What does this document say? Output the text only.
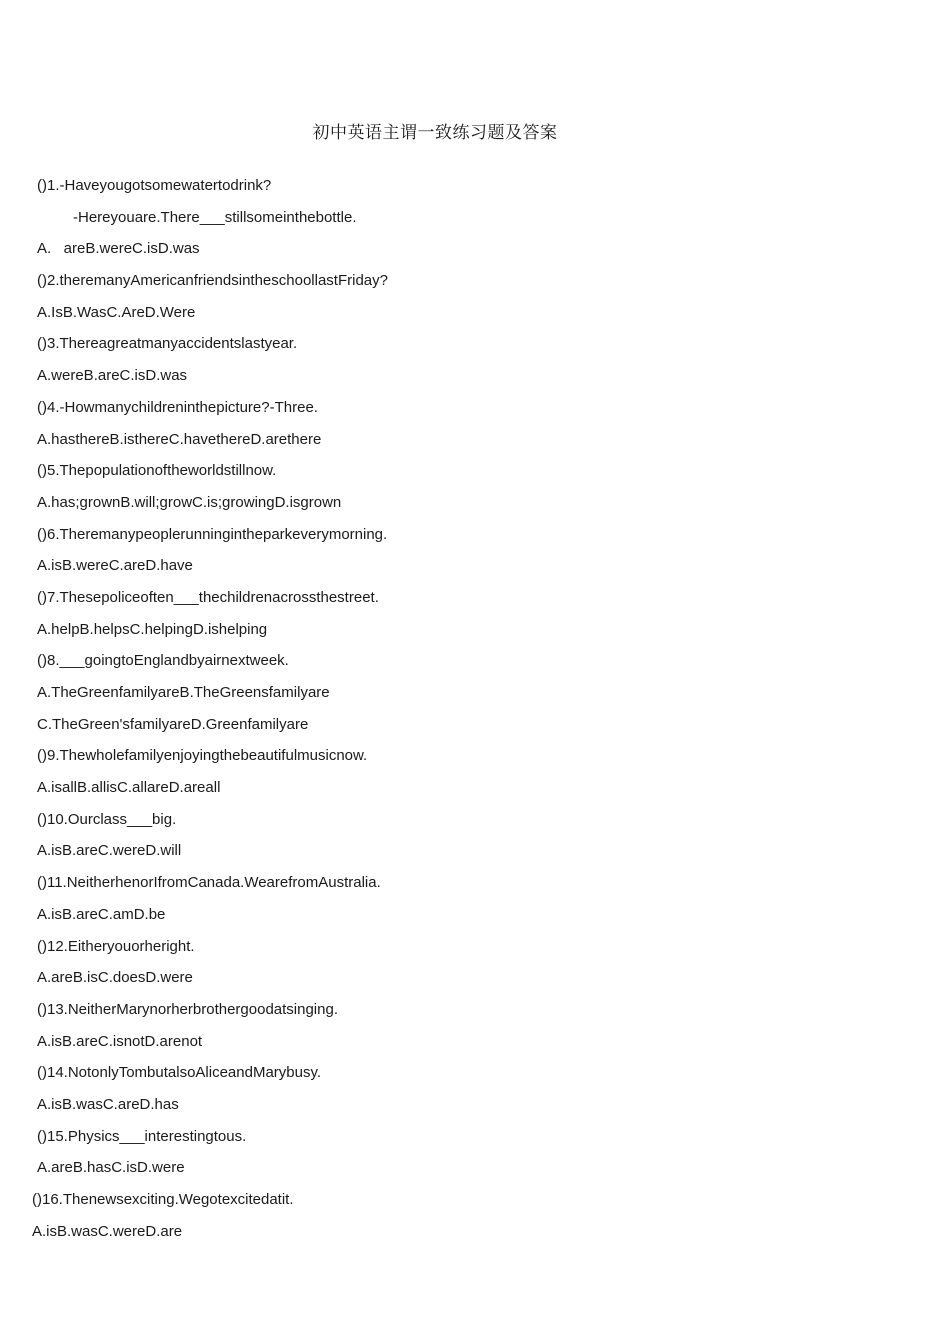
初中英语主谓一致练习题及答案
()1.-Haveyougotsomewatertodrink?
-Hereyouare.There___stillsomeinthebottle.
A.   areB.wereC.isD.was
()2.theremanyAmericanfriendsintheschoollastFriday?
A.IsB.WasC.AreD.Were
()3.Thereagreatmanyaccidentslastyear.
A.wereB.areC.isD.was
()4.-Howmanychildreninthepicture?-Three.
A.hasthereB.isthereC.havethereD.arethere
()5.Thepopulationoftheworldstillnow.
A.has;grownB.will;growC.is;growingD.isgrown
()6.Theremanypeoplerunningintheparkeverymorning.
A.isB.wereC.areD.have
()7.Thesepoliceoften___thechildrenacrossthestreet.
A.helpB.helpsC.helpingD.ishelping
()8.___goingtoEnglandbyairnextweek.
A.TheGreenfamilyareB.TheGreensfamilyare
C.TheGreen'sfamilyareD.Greenfamilyare
()9.Thewholefamilyenjoyingthebeautifulmusicnow.
A.isallB.allisC.allareD.areall
()10.Ourclass___big.
A.isB.areC.wereD.will
()11.NeitherhenorIfromCanada.WearefromAustralia.
A.isB.areC.amD.be
()12.Eitheryouorheright.
A.areB.isC.doesD.were
()13.NeitherMarynorherbrothergoodatsinging.
A.isB.areC.isnotD.arenot
()14.NotonlyTombutalsoAliceandMarybusy.
A.isB.wasC.areD.has
()15.Physics___interestingtous.
A.areB.hasC.isD.were
()16.Thenewsexciting.Wegotexcitedatit.
A.isB.wasC.wereD.are
